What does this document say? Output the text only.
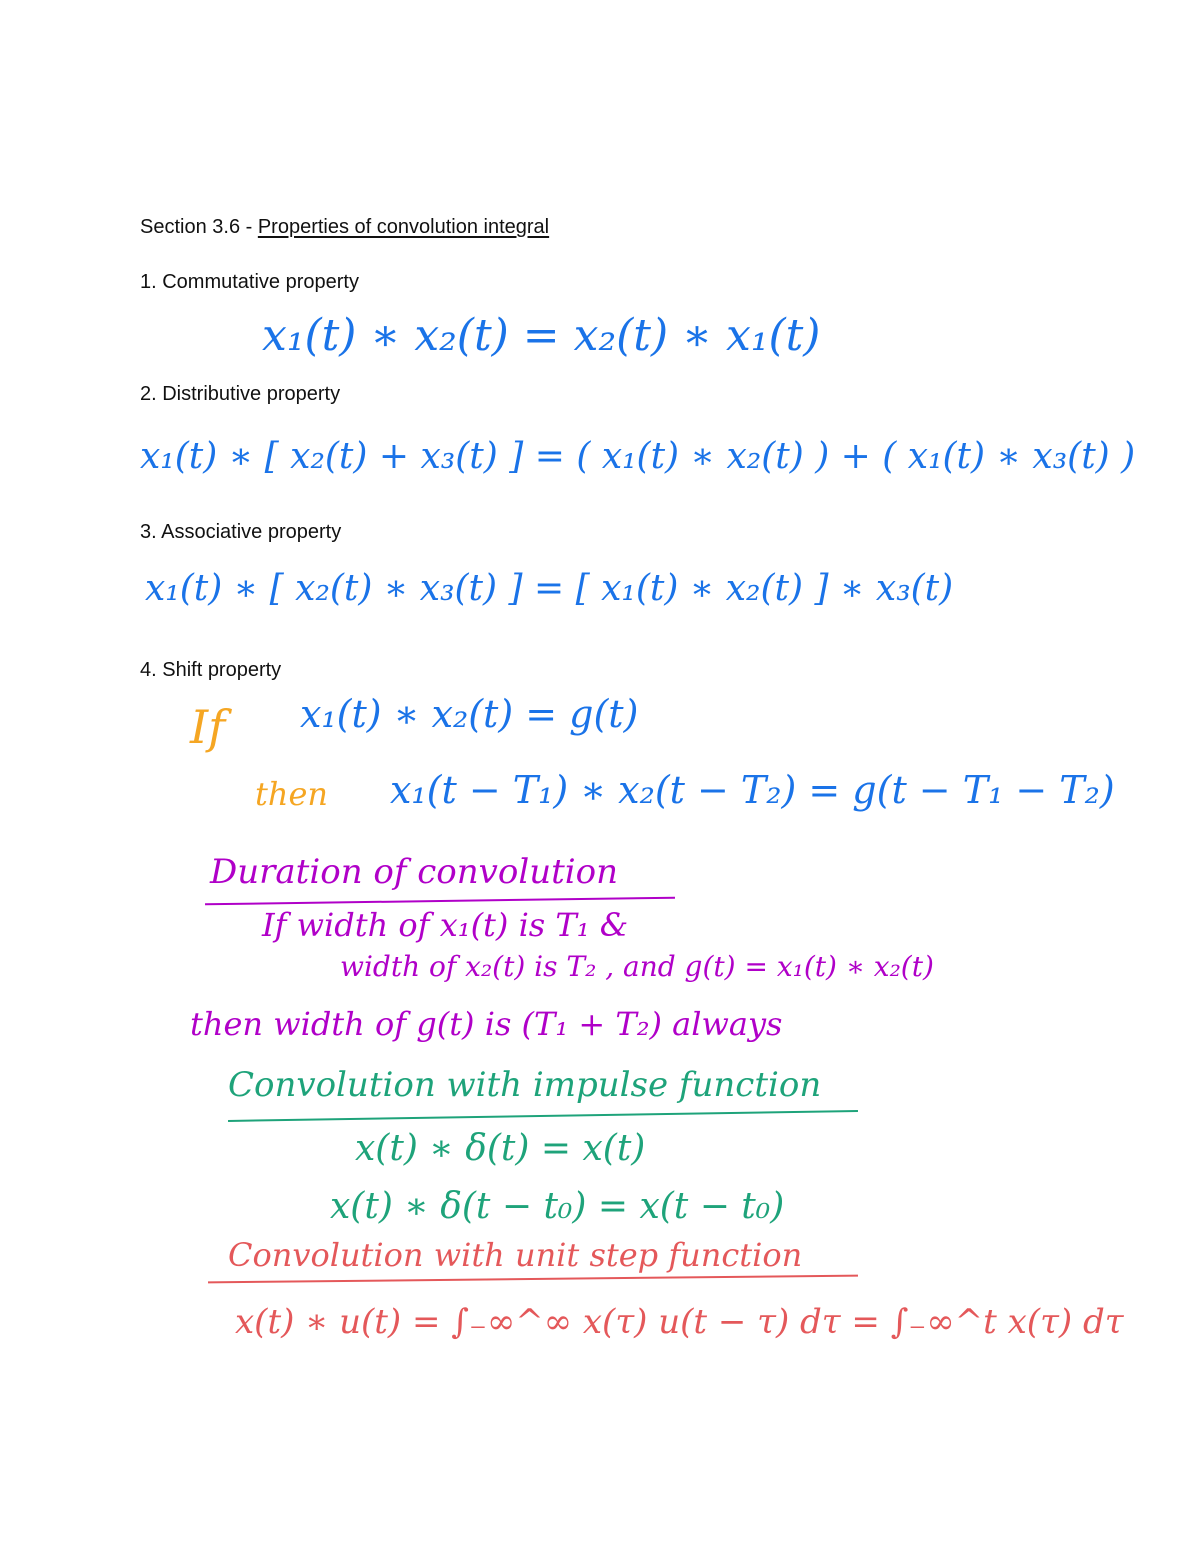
Section 3.6 - Properties of convolution integral
1. Commutative property
x₁(t) ∗ x₂(t) = x₂(t) ∗ x₁(t)
2. Distributive property
x₁(t) ∗ [ x₂(t) + x₃(t) ] = ( x₁(t) ∗ x₂(t) ) + ( x₁(t) ∗ x₃(t) )
3. Associative property
x₁(t) ∗ [ x₂(t) ∗ x₃(t) ] = [ x₁(t) ∗ x₂(t) ] ∗ x₃(t)
4. Shift property
If x₁(t) ∗ x₂(t) = g(t)
then x₁(t − T₁) ∗ x₂(t − T₂) = g(t − T₁ − T₂)
Duration of convolution
If width of x₁(t) is T₁ &
width of x₂(t) is T₂ , and g(t) = x₁(t) ∗ x₂(t)
then width of g(t) is (T₁ + T₂) always
Convolution with impulse function
x(t) ∗ δ(t) = x(t)
x(t) ∗ δ(t − t₀) = x(t − t₀)
Convolution with unit step function
x(t) ∗ u(t) = ∫₋∞^∞ x(τ) u(t − τ) dτ = ∫₋∞^t x(τ) dτ
